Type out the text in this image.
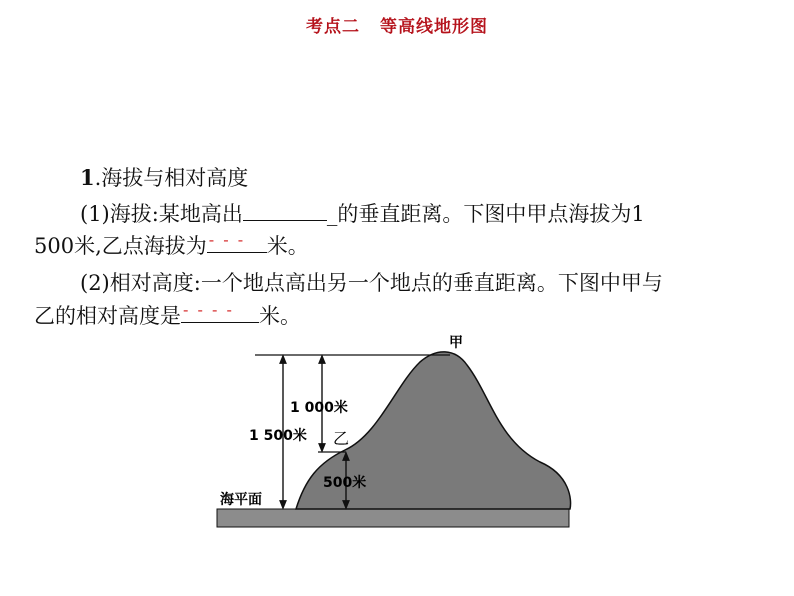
考点二 等高线地形图
1.海拔与相对高度
(1)海拔:某地高出	_的垂直距离。下图中甲点海拔为1
500米,乙点海拔为 - - - 米。
(2)相对高度:一个地点高出另一个地点的垂直距离。下图中甲与
乙的相对高度是 - - - - 米。
甲
乙
1 000米
1 500米
500米
海平面
